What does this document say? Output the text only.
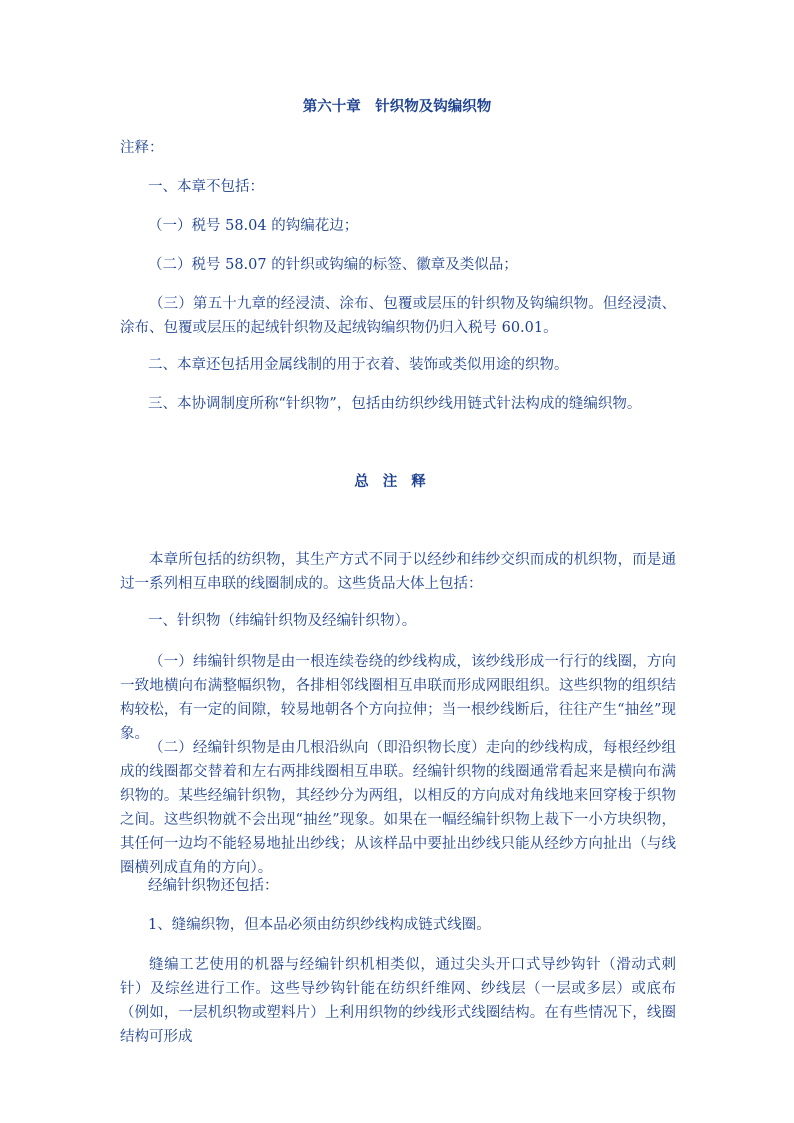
第六十章　针织物及钩编织物
注释：
一、本章不包括：
（一）税号 58.04 的钩编花边；
（二）税号 58.07 的针织或钩编的标签、徽章及类似品；
（三）第五十九章的经浸渍、涂布、包覆或层压的针织物及钩编织物。但经浸渍、涂布、包覆或层压的起绒针织物及起绒钩编织物仍归入税号 60.01。
二、本章还包括用金属线制的用于衣着、装饰或类似用途的织物。
三、本协调制度所称“针织物”，包括由纺织纱线用链式针法构成的缝编织物。
总注释
本章所包括的纺织物，其生产方式不同于以经纱和纬纱交织而成的机织物，而是通过一系列相互串联的线圈制成的。这些货品大体上包括：
一、针织物（纬编针织物及经编针织物）。
（一）纬编针织物是由一根连续卷绕的纱线构成，该纱线形成一行行的线圈，方向一致地横向布满整幅织物，各排相邻线圈相互串联而形成网眼组织。这些织物的组织结构较松，有一定的间隙，较易地朝各个方向拉伸；当一根纱线断后，往往产生“抽丝”现象。
（二）经编针织物是由几根沿纵向（即沿织物长度）走向的纱线构成，每根经纱组成的线圈都交替着和左右两排线圈相互串联。经编针织物的线圈通常看起来是横向布满织物的。某些经编针织物，其经纱分为两组，以相反的方向成对角线地来回穿梭于织物之间。这些织物就不会出现“抽丝”现象。如果在一幅经编针织物上裁下一小方块织物，其任何一边均不能轻易地扯出纱线；从该样品中要扯出纱线只能从经纱方向扯出（与线圈横列成直角的方向）。
经编针织物还包括：
1、缝编织物，但本品必须由纺织纱线构成链式线圈。
缝编工艺使用的机器与经编针织机相类似，通过尖头开口式导纱钩针（滑动式刺针）及综丝进行工作。这些导纱钩针能在纺织纤维网、纱线层（一层或多层）或底布（例如，一层机织物或塑料片）上利用织物的纱线形式线圈结构。在有些情况下，线圈结构可形成
